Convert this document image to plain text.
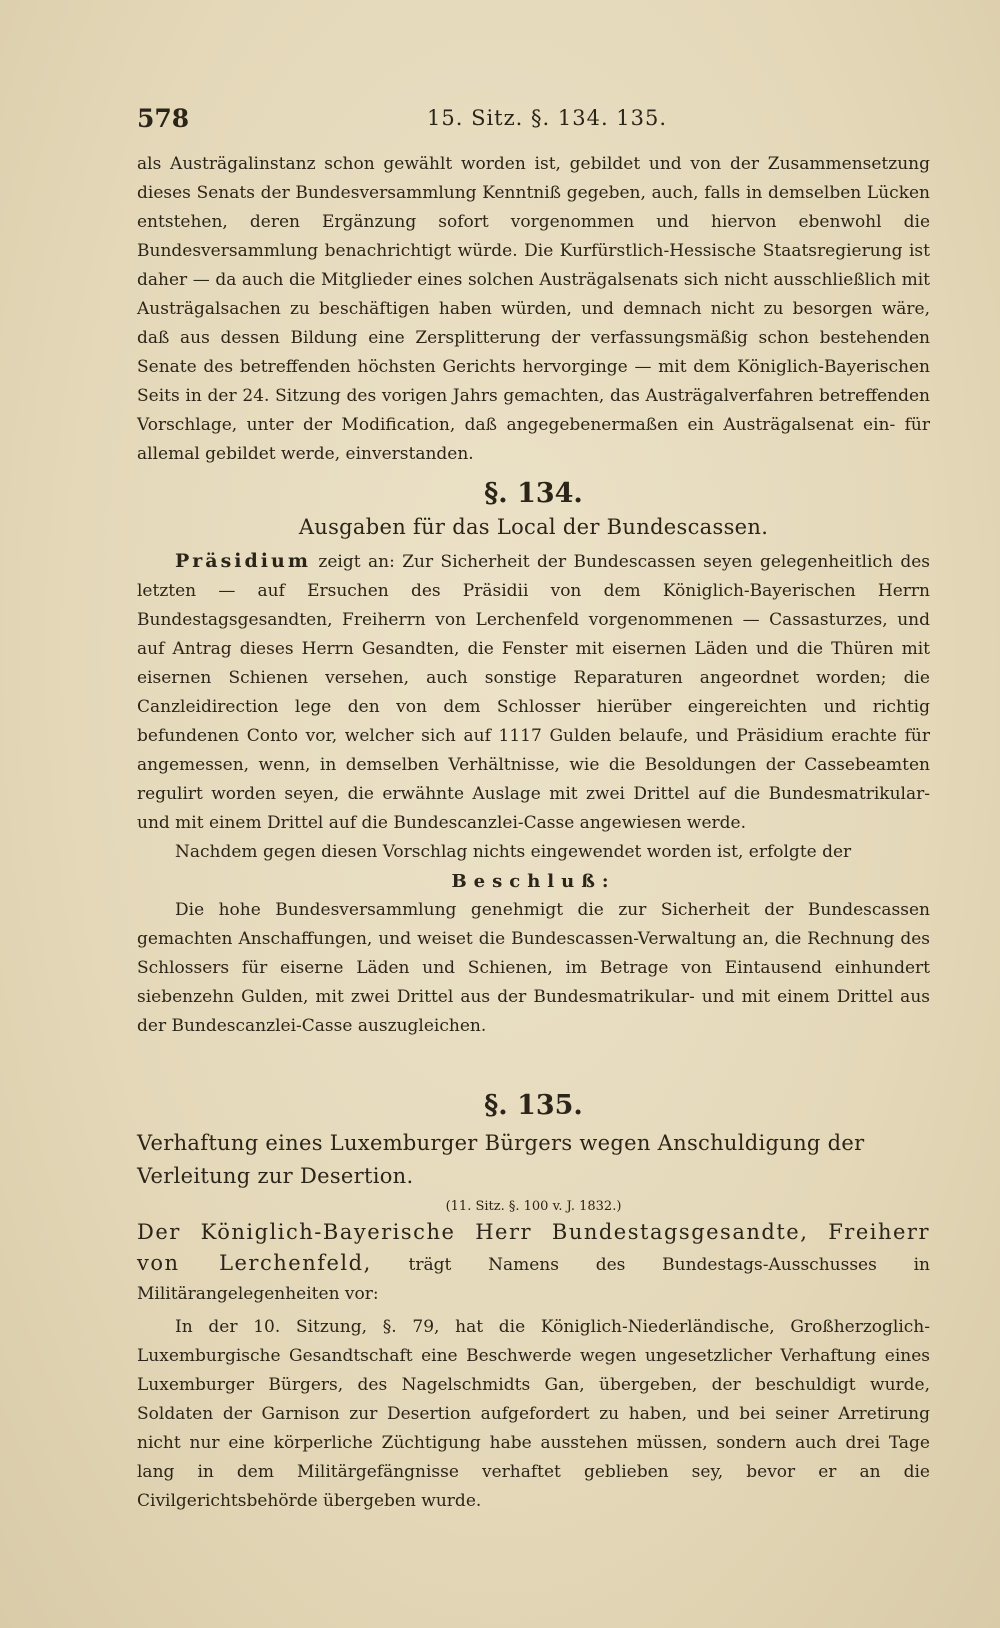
578	15. Sitz. §. 134. 135.

als Austrägalinstanz schon gewählt worden ist, gebildet und von der Zusammensetzung dieses Senats der Bundesversammlung Kenntniß gegeben, auch, falls in demselben Lücken entstehen, deren Ergänzung sofort vorgenommen und hiervon ebenwohl die Bundesversammlung benachrichtigt würde. Die Kurfürstlich-Hessische Staatsregierung ist daher — da auch die Mitglieder eines solchen Austrägalsenats sich nicht ausschließlich mit Austrägalsachen zu beschäftigen haben würden, und demnach nicht zu besorgen wäre, daß aus dessen Bildung eine Zersplitterung der verfassungsmäßig schon bestehenden Senate des betreffenden höchsten Gerichts hervorginge — mit dem Königlich-Bayerischen Seits in der 24. Sitzung des vorigen Jahrs gemachten, das Austrägalverfahren betreffenden Vorschlage, unter der Modification, daß angegebenermaßen ein Austrägalsenat ein- für allemal gebildet werde, einverstanden.

§. 134.

Ausgaben für das Local der Bundescassen.

Präsidium zeigt an: Zur Sicherheit der Bundescassen seyen gelegenheitlich des letzten — auf Ersuchen des Präsidii von dem Königlich-Bayerischen Herrn Bundestagsgesandten, Freiherrn von Lerchenfeld vorgenommenen — Cassasturzes, und auf Antrag dieses Herrn Gesandten, die Fenster mit eisernen Läden und die Thüren mit eisernen Schienen versehen, auch sonstige Reparaturen angeordnet worden; die Canzleidirection lege den von dem Schlosser hierüber eingereichten und richtig befundenen Conto vor, welcher sich auf 1117 Gulden belaufe, und Präsidium erachte für angemessen, wenn, in demselben Verhältnisse, wie die Besoldungen der Cassebeamten regulirt worden seyen, die erwähnte Auslage mit zwei Drittel auf die Bundesmatrikular- und mit einem Drittel auf die Bundescanzlei-Casse angewiesen werde.

Nachdem gegen diesen Vorschlag nichts eingewendet worden ist, erfolgte der

Beschluß:

Die hohe Bundesversammlung genehmigt die zur Sicherheit der Bundescassen gemachten Anschaffungen, und weiset die Bundescassen-Verwaltung an, die Rechnung des Schlossers für eiserne Läden und Schienen, im Betrage von Eintausend einhundert siebenzehn Gulden, mit zwei Drittel aus der Bundesmatrikular- und mit einem Drittel aus der Bundescanzlei-Casse auszugleichen.

§. 135.

Verhaftung eines Luxemburger Bürgers wegen Anschuldigung der Verleitung zur Desertion.

(11. Sitz. §. 100 v. J. 1832.)

Der Königlich-Bayerische Herr Bundestagsgesandte, Freiherr von Lerchenfeld, trägt Namens des Bundestags-Ausschusses in Militärangelegenheiten vor:

In der 10. Sitzung, §. 79, hat die Königlich-Niederländische, Großherzoglich-Luxemburgische Gesandtschaft eine Beschwerde wegen ungesetzlicher Verhaftung eines Luxemburger Bürgers, des Nagelschmidts Gan, übergeben, der beschuldigt wurde, Soldaten der Garnison zur Desertion aufgefordert zu haben, und bei seiner Arretirung nicht nur eine körperliche Züchtigung habe ausstehen müssen, sondern auch drei Tage lang in dem Militärgefängnisse verhaftet geblieben sey, bevor er an die Civilgerichtsbehörde übergeben wurde.
